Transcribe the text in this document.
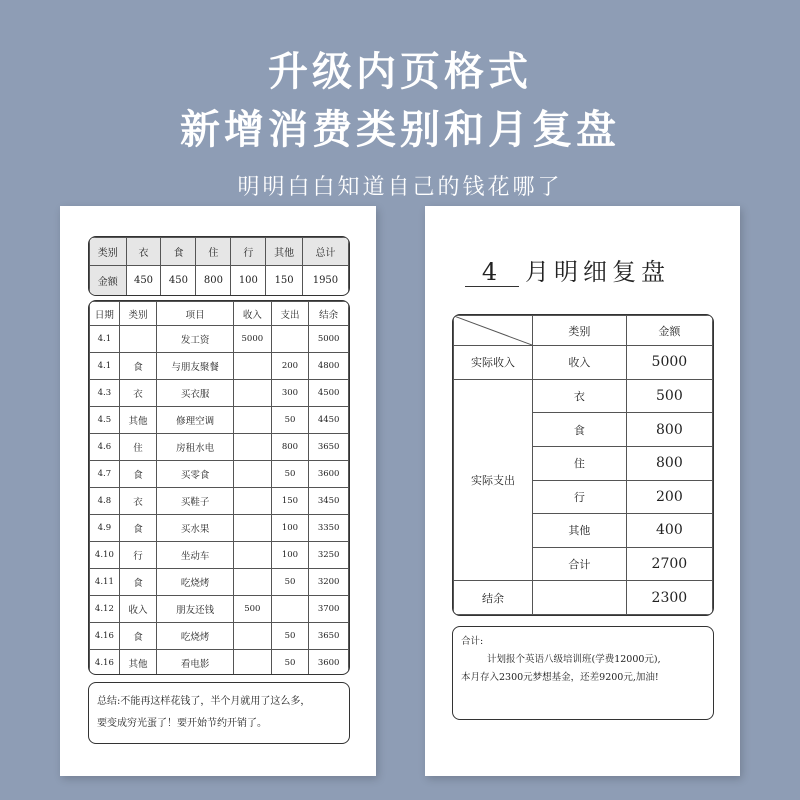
升级内页格式
新增消费类别和月复盘
明明白白知道自己的钱花哪了
类别	衣	食	住	行	其他	总计
金额	450	450	800	100	150	1950
日期	类别	项目	收入	支出	结余
4.1		发工资	5000		5000
4.1	食	与朋友聚餐		200	4800
4.3	衣	买衣服		300	4500
4.5	其他	修理空调		50	4450
4.6	住	房租水电		800	3650
4.7	食	买零食		50	3600
4.8	衣	买鞋子		150	3450
4.9	食	买水果		100	3350
4.10	行	坐动车		100	3250
4.11	食	吃烧烤		50	3200
4.12	收入	朋友还钱	500		3700
4.16	食	吃烧烤		50	3650
4.16	其他	看电影		50	3600
总结:不能再这样花钱了，半个月就用了这么多，
要变成穷光蛋了！要开始节约开销了。
4 月明细复盘
	类别	金额
实际收入	收入	5000
实际支出	衣	500
	食	800
	住	800
	行	200
	其他	400
	合计	2700
结余		2300
合计:
计划报个英语八级培训班(学费12000元),
本月存入2300元梦想基金，还差9200元,加油!
